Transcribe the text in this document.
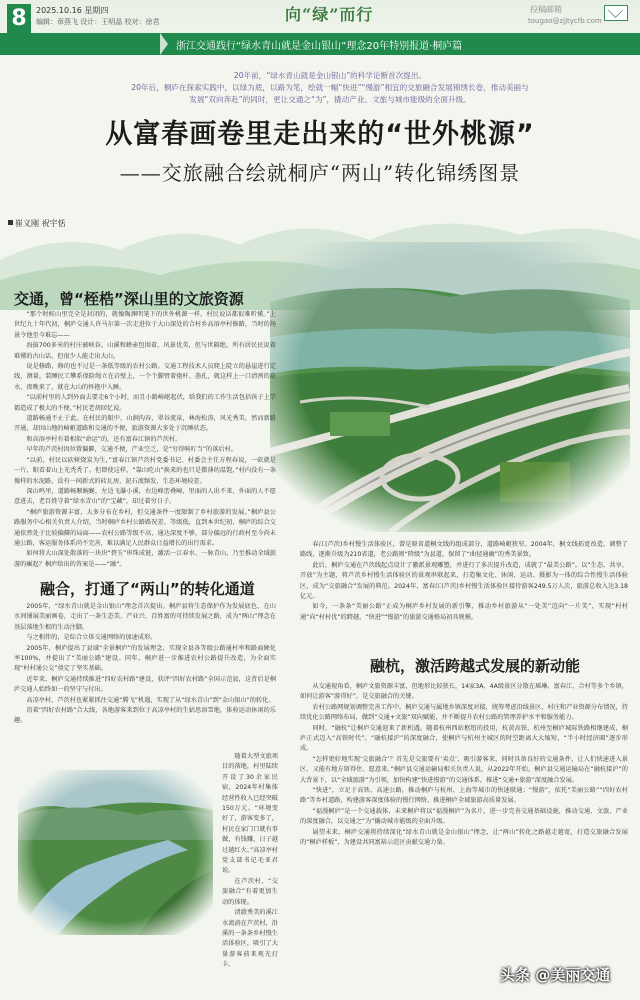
8	2025.10.16 星期四
编辑：章燕飞 设计：王明晶 校对：徐君	向“绿”而行	投稿邮箱
tougao@zjjtycfb.com
浙江交通践行“绿水青山就是金山银山”理念20年特别报道·桐庐篇

20年前，“绿水青山就是金山银山”的科学论断首次提出。

20年后，桐庐在探索实践中，以绿为底，以路为笔，绘就一幅“快进”“慢游”相宜的交旅融合发展锦绣长卷，推动美丽与

发展“双向奔赴”的同时，更让交通之“为”，撬动产业、文旅与城市能级的全面升级。

从富春画卷里走出来的“世外桃源”
——交旅融合绘就桐庐“两山”转化锦绣图景
崔义刚 祝宇恬
交通，曾“桎梏”深山里的文旅资源

“那个时候山里完全是封闭的，就像陶渊明笔下的世外桃源一样，村民说话都很难听懂。”上世纪九十年代初，桐庐交通人许马尔第一次走进位于大山深处的合村乡高溶亭村修路，当时的场景令他至今难忘——

海拔700多米的村庄被峡谷、山溪和蜂壶包围着，风景优美，但与世隔绝，所有居民民说着难懂的古山话，但很少人能走出大山。

说是修路，修的也不过是一条低等级的农村公路。交通工程技术人员爬上陡立的悬崖进行定线，测量，装睡民工攀系保险绳立在岩壁上，一个个脚臂着炮杆、凿孔，就这样上一口清洌的泉水，夜晚来了，就在大山的怀抱中入睡。

“以前村里的人到外面去要走6个小时，而且小路崎岖起伏，给我们的工作生活包括孩子上学都造成了极大的不便。”村民老胡回忆说。

道路畅通不止于此。在村民的眼中，山涧沟谷，翠谷流泉，林海松涛，风光秀美，然而新路开通，却因山地的崎岖道路和交通的不便，旅游资源大多处于沉睡状态。

和高溶亭村有着相似“命运”的，还有富春江镇的芦茨村。

早年的芦茨村因位置偏僻，交通不便，产业空乏，是“穷得响叮当”的落后村。

“以前，村民以砍树烧炭为生，”富春江镇芦茨村党委书记、村委会主任方程春说，一砍就是一片，眼看着山上光秃秃了。但即使这样，“靠山吃山”换来的也只是微薄的温饱，”村内没有一条像样的水泥路，没有一间新式的砖瓦房，泥石流频发，生态环境较差。

深山鸣里，道路畅顺蜿蜒，左边飞瀑小溪，右边峰峦叠嶂，里面的人出不来，外面的人不愿意进去，老百姓守着“绿水青山”的“宝藏”，却过着穷日子。

“桐庐旅游资源丰富，大多分布在乡村，但交通条件一度限制了乡村旅游的发展。”桐庐县公路服务中心相关负责人介绍，当时桐庐乡村公路路况差、等级低，直到本世纪初，桐庐的综合交通依然处于比较偏僻的局面——农村公路等级不高，通达深度不够，部分偏远的行政村至今尚未通公路，客运服务体系尚不完善，难以满足人民群众日益增长的出行需求。

如何将大山深处散落的一块块“碧玉”串珠成链，激活一江春水、一脉青山，乃至推动全域旅游的崛起？桐庐给出的答案是——“融”。

融合，打通了“两山”的转化通道

2005年，“绿水青山就是金山银山”理念首次提出。桐庐县将生态保护作为发展底色，在山水间铺展美丽画卷，走出了一条生态美、产业兴、百姓富的可持续发展之路，成为“两山”理念在基层落地生根的生动注脚。

与之相伴的，是综合立体交通网络的加速成形。

2005年，桐庐提出了县域“全景桐庐”的发展理念，实现全县各等级公路通村率和路面硬化率100%，并提出了“美丽公路”建设。同年，桐庐进一步推进农村公路提升改造，为全面实现“村村通公交”奠定了坚实基础。

近年来，桐庐交通持续推进“四好农村路”建设，获评“四好农村路”全国示范县，这背后是桐庐交通人始终如一的坚守与付出。

高凉亭村、芦茨村也紧紧抓住交通“腾飞”机遇，实现了从“绿水青山”到“金山银山”的转化。

沿着“四好农村路”合大线，各地游客来到位于高凉亭村的生姑思溶雪地，体验运动休闲的乐趣。

随着大型文旅项目的落地，村里陆续开设了30余家民宿，2024年村集体经营性收入已经突破150万元。“环境变好了，游客变多了，村民在家门口就有事做、有钱赚，日子越过越红火。”高凉亭村党支部书记毛亚君说。

在芦茨村，“交旅融合”有着更加生动的体现。

清澈秀美的溪江水流淌在芦茨村，沿溪的一条条乡村慢生活体验区，吸引了大量游客前来观光打卡。

春江(芦茨)乡村慢生活体验区，曾是原省道桐文线的组成部分，道路崎岖狭窄。2004年，桐文线拓宽改造，调整了路线，逐渐升级为210省道，老公路则“降级”为县道，保留了“曲径通幽”的秀美景致。

此后，桐庐交通在芦茨线起点设计了徽派景观雕塑，并进行了多次提升改造，成就了“最美公路”。以“生态、共享、开放”为主题，将芦茨乡村慢生活体验区的景观串联起来，打造集文化、休闲、运动、摄影为一体的综合性慢生活体验区，成为“交旅融合”发展的典范。2024年，富春江(芦茨)乡村慢生活体验区接待游客249.5万人次，旅游总收入达3.18亿元。

如今，一条条“美丽公路”正成为桐庐乡村发展的新引擎，推动乡村旅游从“一处美”迈向“一片美”，实现“村村通”向“村村优”的跨越，“快进”“慢游”的旅游交通格局初具规模。

融杭，激活跨越式发展的新动能

从交通视角看，桐庐文旅资源丰富，但地形比较狭长，14家3A、4A级景区分散在瑶琳、富春江、合村等多个乡镇，如何让游客“游得好”，是交旅融合的关键。

农村公路网规划调整完善工作中，桐庐交通与属地乡镇深度对接，统筹考虑沿线景区、村庄和产业资源分布情况，持续优化公路网络布局，做到“交通+文旅”双向赋能，并不断提升农村公路的管理养护水平和服务能力。

同时，“融杭”让桐庐交通迎来了新机遇。随着杭州西站枢纽的投用，杭黄高铁、杭州至桐庐城际铁路相继建成，桐庐正式迈入“高铁时代”。“融杭接沪”的深度融合，使桐庐与杭州主城区的时空距离大大缩短，“半小时经济圈”逐步形成。

“怎样更好地实现‘交旅融合’？首先是交旅要有‘卖点’，吸引游客来，同时具备良好的交通条件，让人们快速进入景区，又能有地方留得住、愿意来。”桐庐县交通运输局相关负责人说，从2022年开始，桐庐县交通运输局在“融杭接沪”的大背景下，以“全域旅游”为引领，加快构建“快进慢游”的交通体系，推进“交通+旅游”深度融合发展。

“快进”，立足于高铁、高速公路，推动桐庐与杭州、上海等城市的快速联通；“慢游”，依托“美丽公路”“四好农村路”等乡村道路，构建游客深度体验的慢行网络，推进桐庐全域旅游高质量发展。

“福漫桐庐”是一个交通载体，未来桐庐将以“福漫桐庐”为名片，进一步完善交通基础设施，推动交通、文旅、产业的深度融合，以交通之“为”撬动城市能级的全面升级。

展望未来，桐庐交通将持续深化“绿水青山就是金山银山”理念，让“两山”转化之路越走越宽，打造交旅融合发展的“桐庐样板”，为建设共同富裕示范区贡献交通力量。

头条 @美丽交通
